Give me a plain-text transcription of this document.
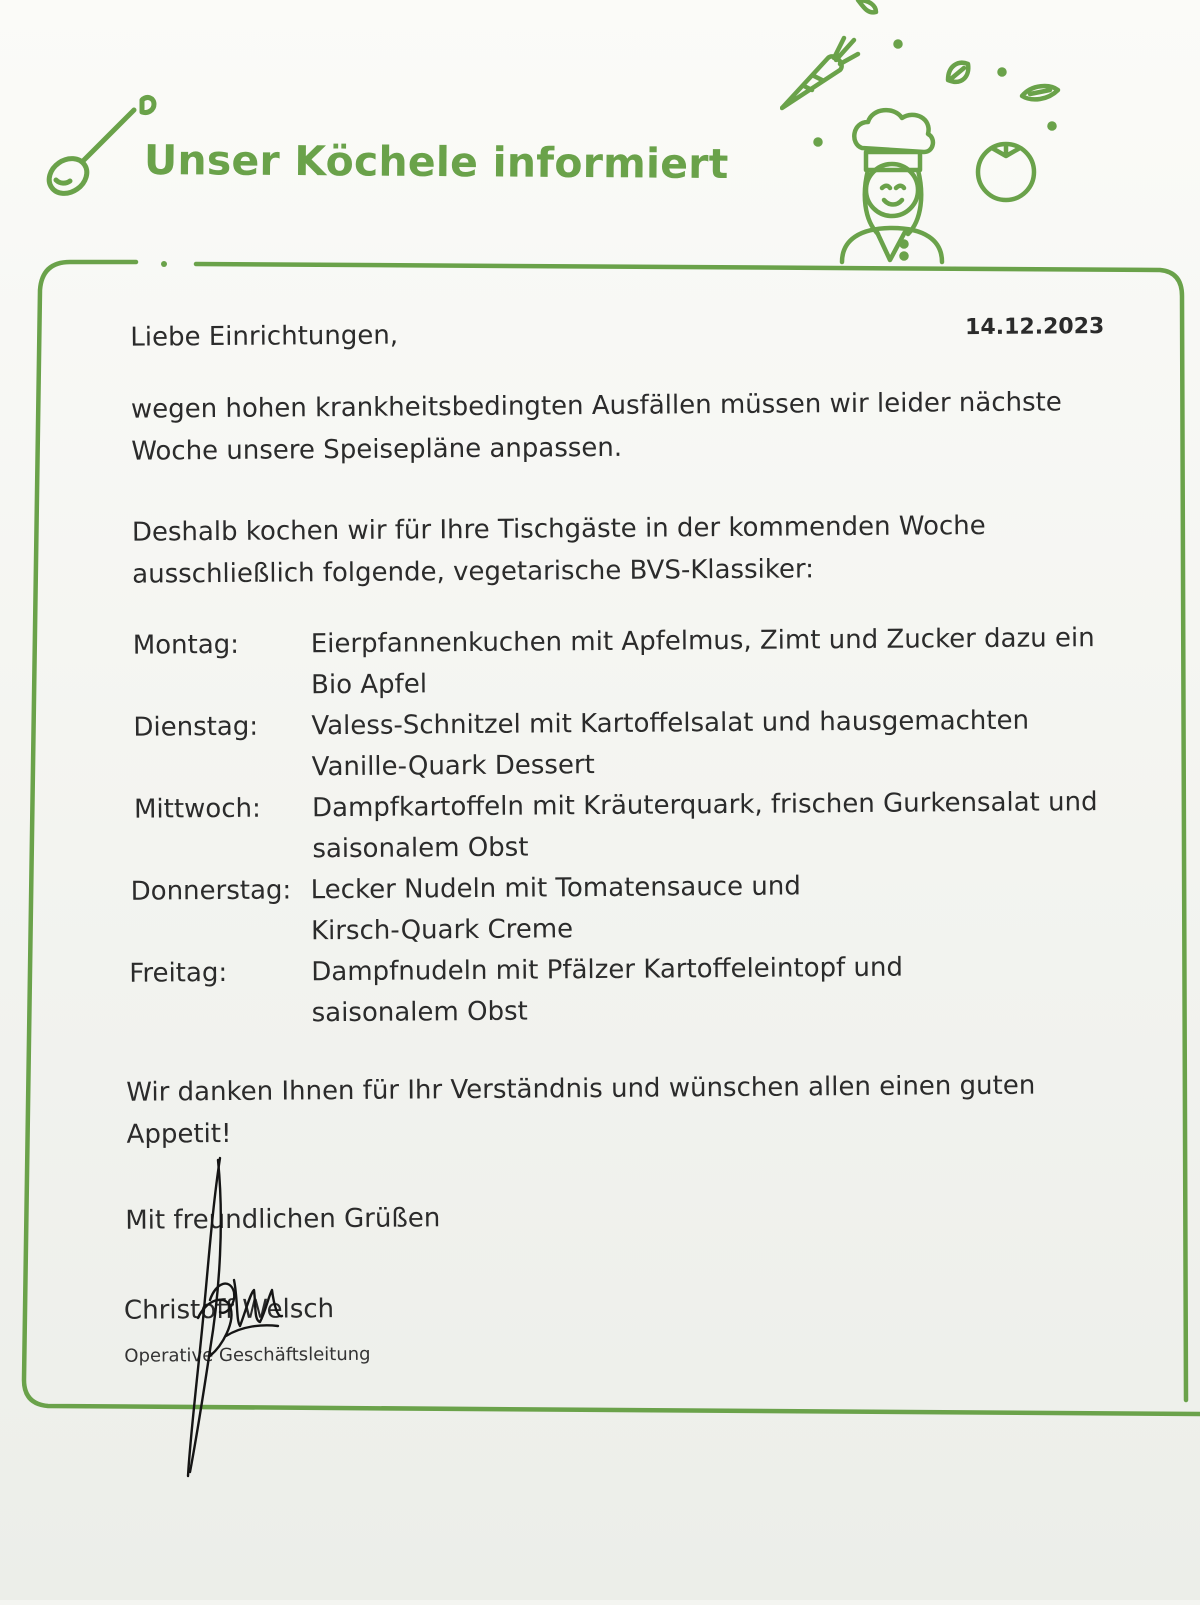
Unser Köchele informiert
Liebe Einrichtungen,	14.12.2023
wegen hohen krankheitsbedingten Ausfällen müssen wir leider nächste
Woche unsere Speisepläne anpassen.
Deshalb kochen wir für Ihre Tischgäste in der kommenden Woche
ausschließlich folgende, vegetarische BVS-Klassiker:
Montag:	Eierpfannenkuchen mit Apfelmus, Zimt und Zucker dazu ein
Bio Apfel
Dienstag: Valess-Schnitzel mit Kartoffelsalat und hausgemachten
Vanille-Quark Dessert
Mittwoch: Dampfkartoffeln mit Kräuterquark, frischen Gurkensalat und
saisonalem Obst
Donnerstag: Lecker Nudeln mit Tomatensauce und
Kirsch-Quark Creme
Freitag:	Dampfnudeln mit Pfälzer Kartoffeleintopf und
saisonalem Obst
Wir danken Ihnen für Ihr Verständnis und wünschen allen einen guten
Appetit!
Mit freundlichen Grüßen
Christoff Welsch
Operative Geschäftsleitung
